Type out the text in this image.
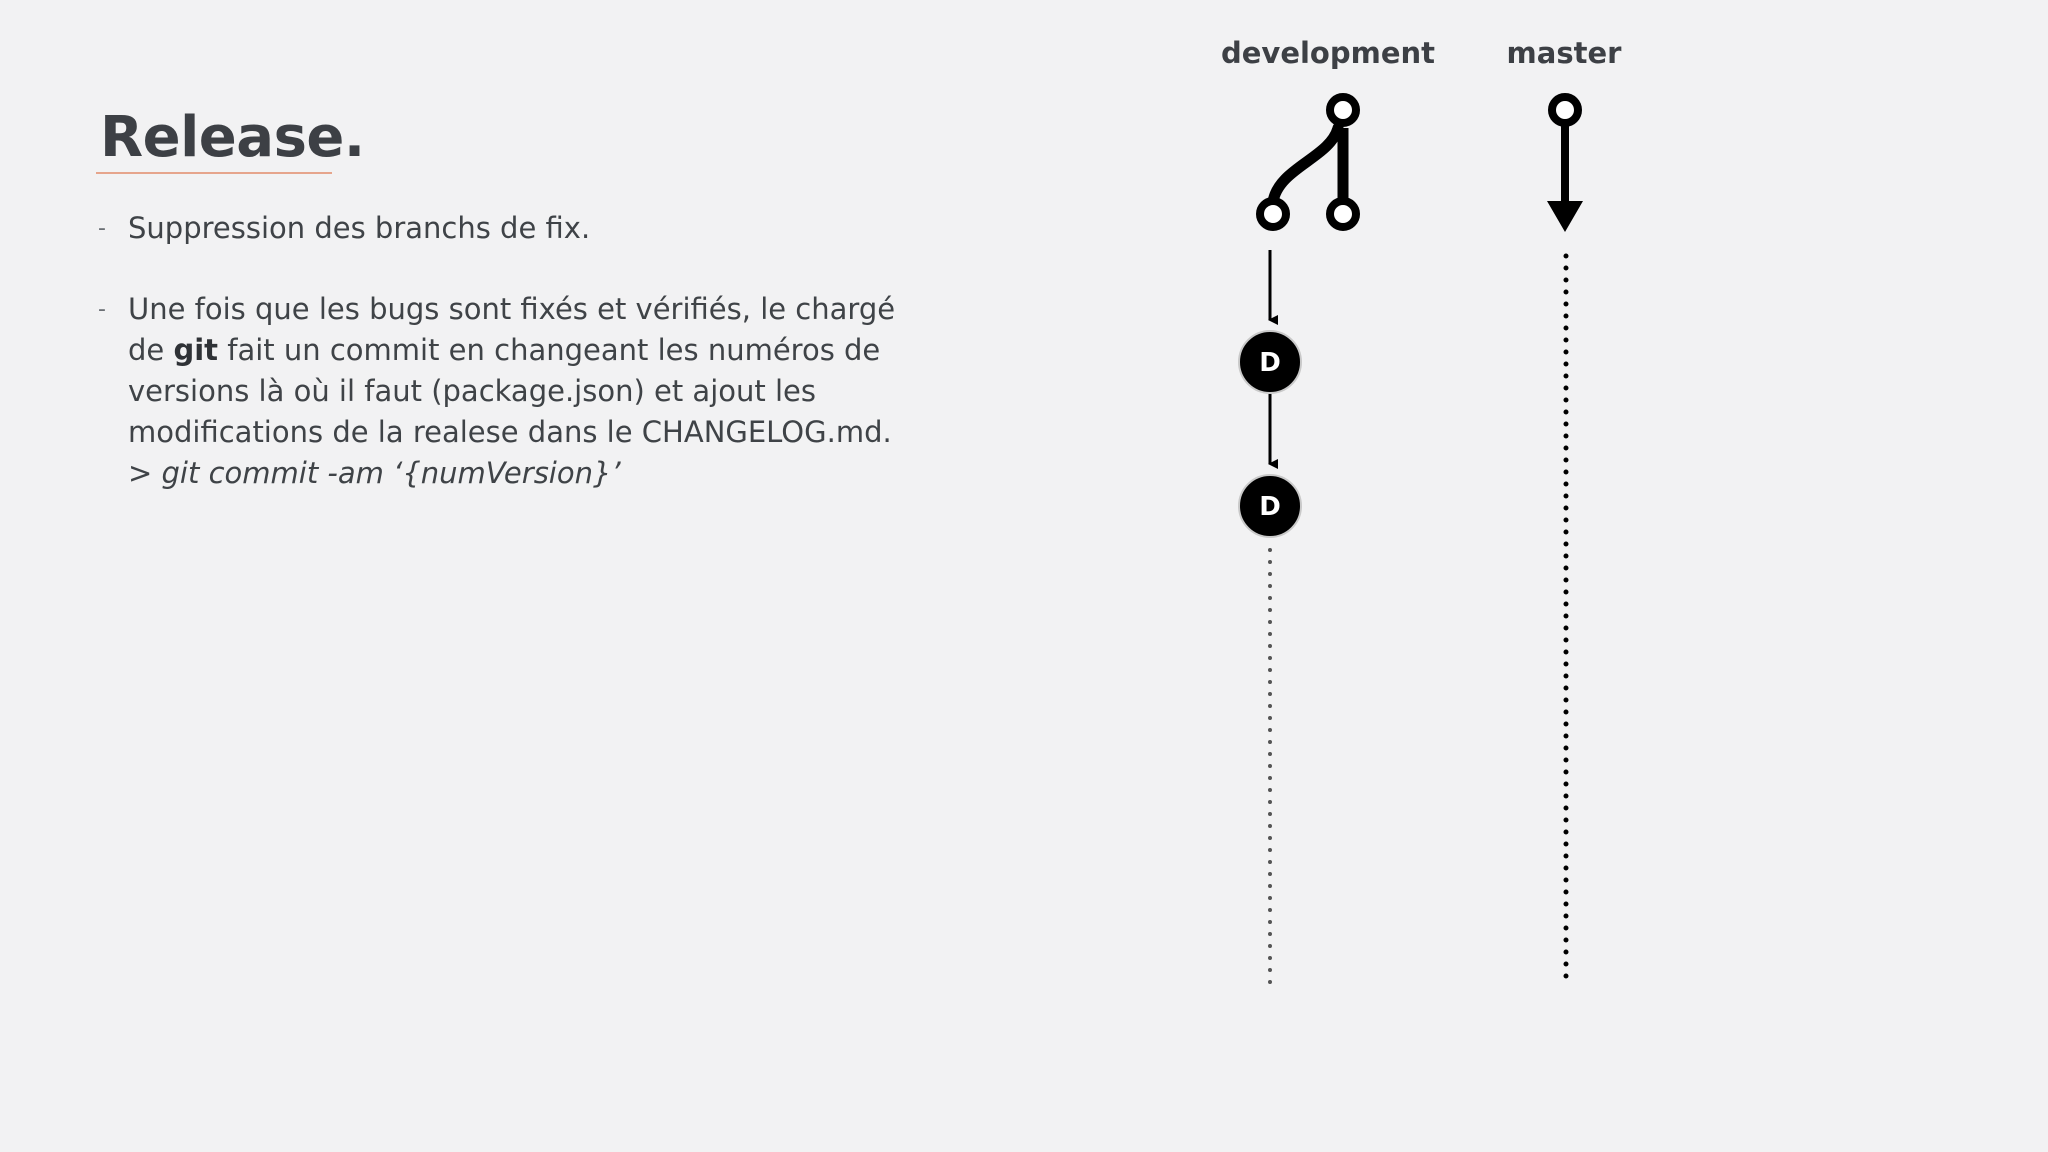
Release.
- Suppression des branchs de fix.
- Une fois que les bugs sont fixés et vérifiés, le chargé de git fait un commit en changeant les numéros de versions là où il faut (package.json) et ajout les modifications de la realese dans le CHANGELOG.md.
> git commit -am ‘{numVersion}’
development master
D
D
